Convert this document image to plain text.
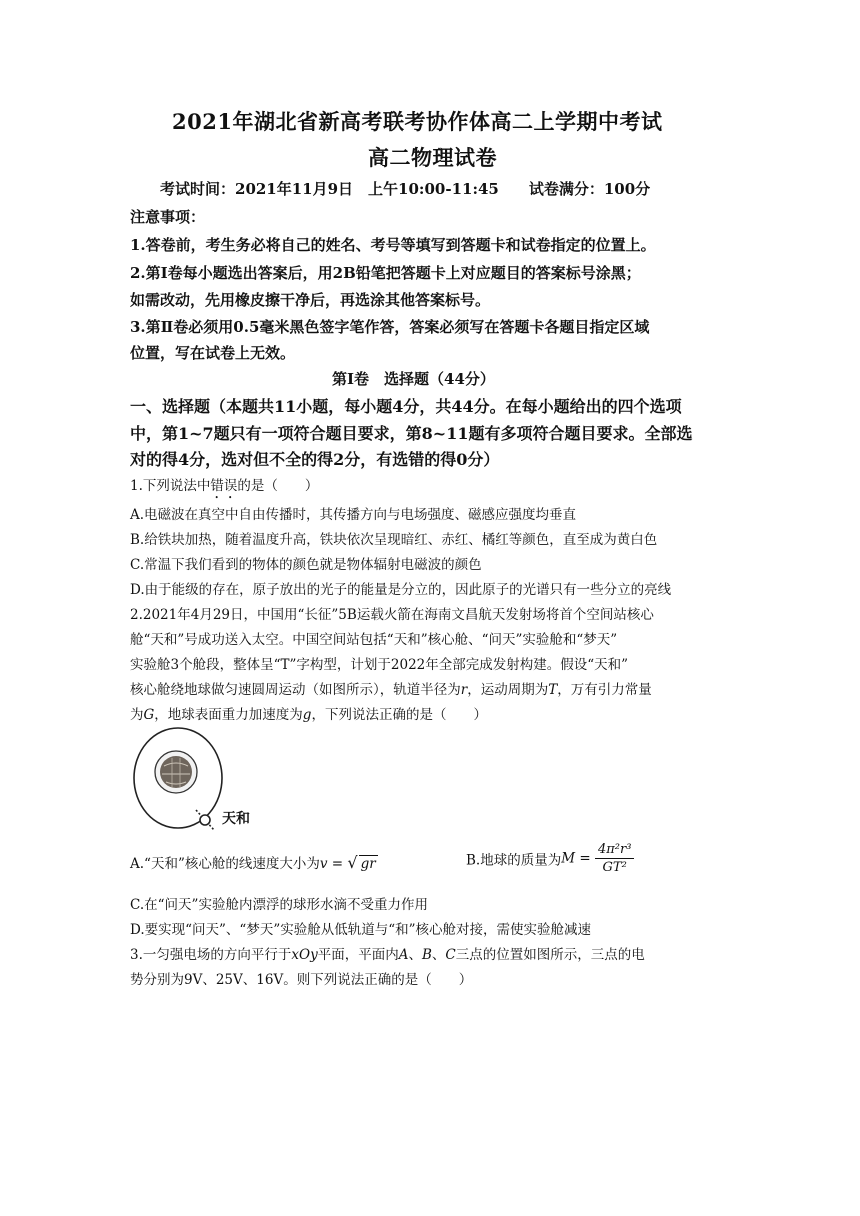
2021年湖北省新高考联考协作体高二上学期中考试
高二物理试卷
考试时间：2021年11月9日　上午10:00-11:45　　试卷满分：100分
注意事项：
1.答卷前，考生务必将自己的姓名、考号等填写到答题卡和试卷指定的位置上。
2.第Ⅰ卷每小题选出答案后，用2B铅笔把答题卡上对应题目的答案标号涂黑；
如需改动，先用橡皮擦干净后，再选涂其他答案标号。
3.第Ⅱ卷必须用0.5毫米黑色签字笔作答，答案必须写在答题卡各题目指定区域
位置，写在试卷上无效。
第Ⅰ卷　选择题（44分）
一、选择题（本题共11小题，每小题4分，共44分。在每小题给出的四个选项
中，第1~7题只有一项符合题目要求，第8~11题有多项符合题目要求。全部选
对的得4分，选对但不全的得2分，有选错的得0分）
1.下列说法中错误的是（　　）
A.电磁波在真空中自由传播时，其传播方向与电场强度、磁感应强度均垂直
B.给铁块加热，随着温度升高，铁块依次呈现暗红、赤红、橘红等颜色，直至成为黄白色
C.常温下我们看到的物体的颜色就是物体辐射电磁波的颜色
D.由于能级的存在，原子放出的光子的能量是分立的，因此原子的光谱只有一些分立的亮线
2.2021年4月29日，中国用“长征”5B运载火箭在海南文昌航天发射场将首个空间站核心
舱“天和”号成功送入太空。中国空间站包括“天和”核心舱、“问天”实验舱和“梦天”
实验舱3个舱段，整体呈“T”字构型，计划于2022年全部完成发射构建。假设“天和”
核心舱绕地球做匀速圆周运动（如图所示），轨道半径为r，运动周期为T，万有引力常量
为G，地球表面重力加速度为g，下列说法正确的是（　　）
天和
A.“天和”核心舱的线速度大小为v = √ gr	B.地球的质量为$M = \frac{\text{4π²r³}}{\text{GT²}}$
C.在“问天”实验舱内漂浮的球形水滴不受重力作用
D.要实现“问天”、“梦天”实验舱从低轨道与“和”核心舱对接，需使实验舱减速
3.一匀强电场的方向平行于xOy平面，平面内A、B、C三点的位置如图所示，三点的电
势分别为9V、25V、16V。则下列说法正确的是（　　）
